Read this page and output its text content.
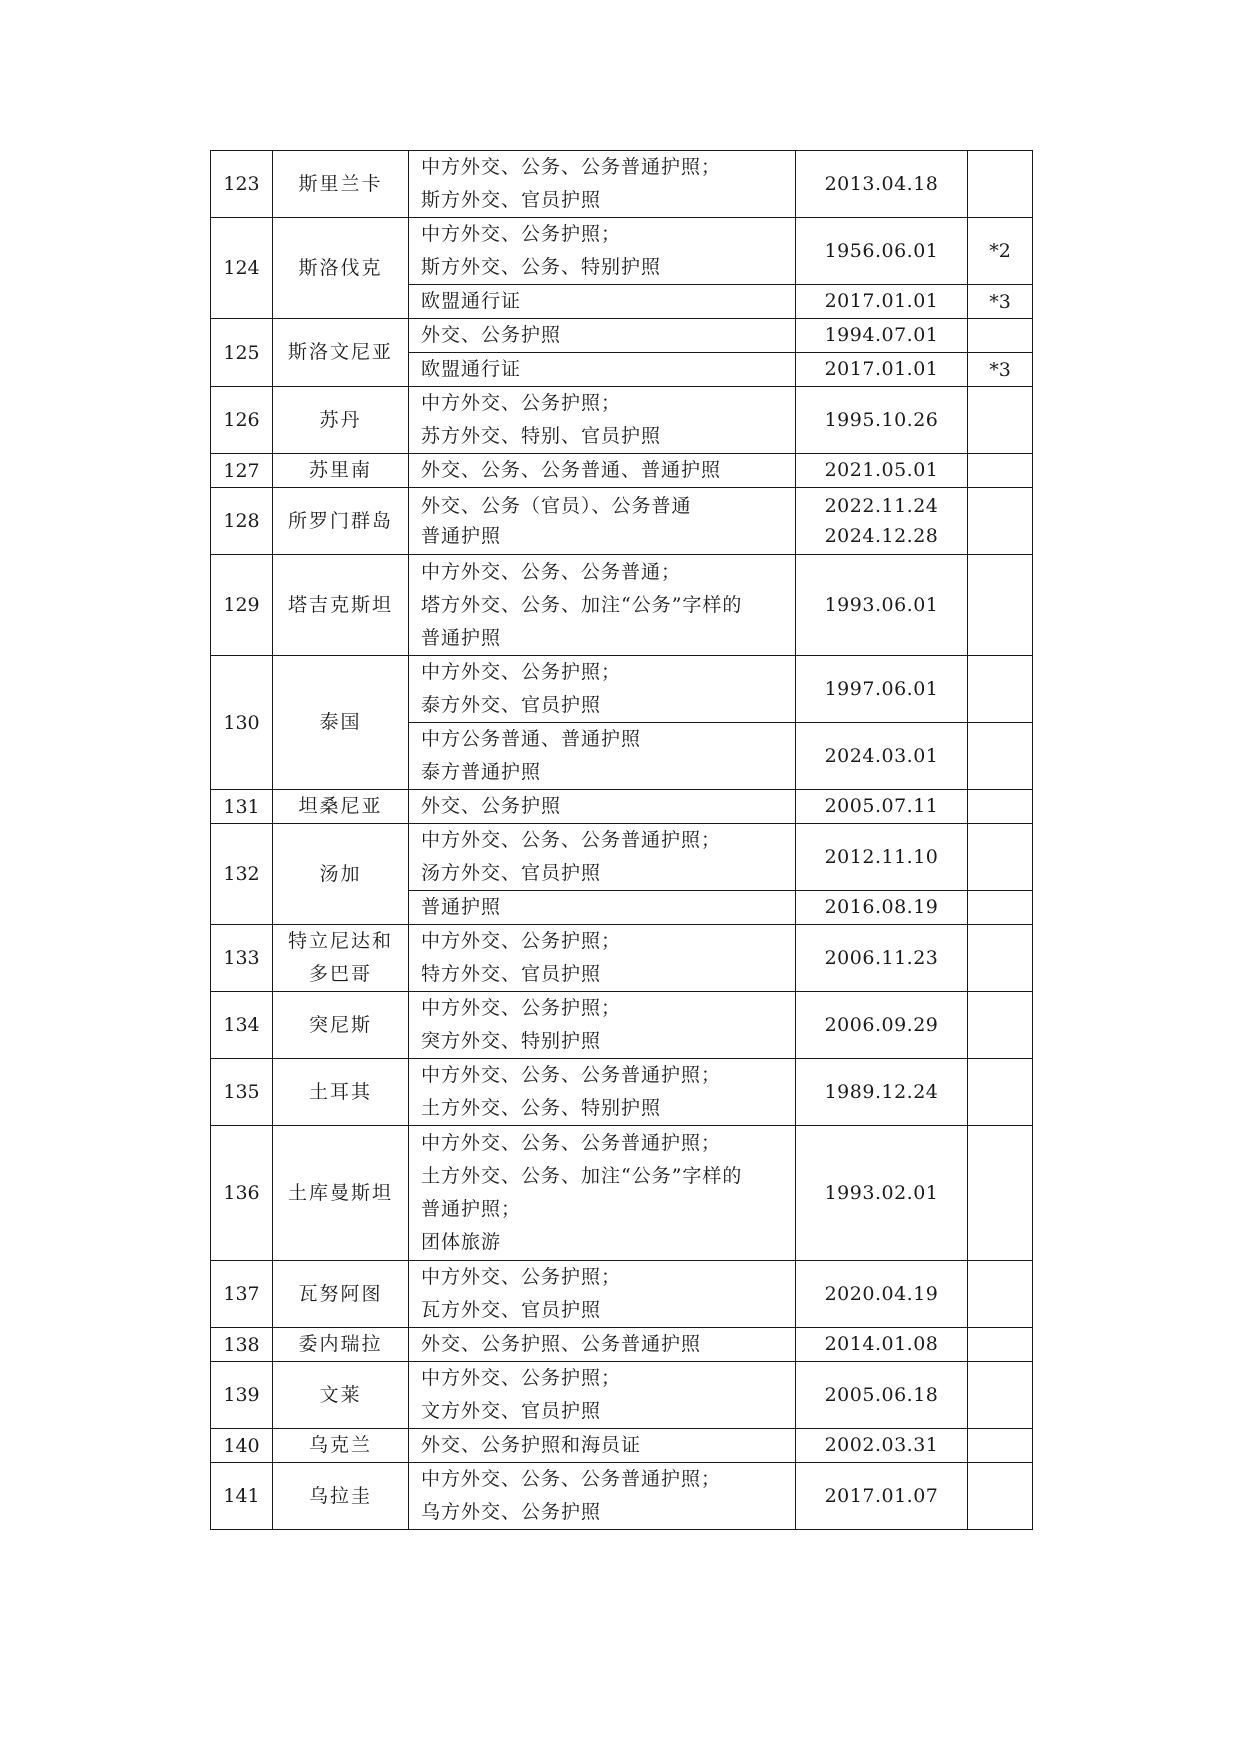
123	斯里兰卡	中方外交、公务、公务普通护照；
斯方外交、官员护照	2013.04.18	

124	斯洛伐克	中方外交、公务护照；
斯方外交、公务、特别护照	1956.06.01	*2

		欧盟通行证	2017.01.01	*3
125	斯洛文尼亚	外交、公务护照	1994.07.01	

		欧盟通行证	2017.01.01	*3
126	苏丹	中方外交、公务护照；
苏方外交、特别、官员护照	1995.10.26	

127	苏里南	外交、公务、公务普通、普通护照	2021.05.01	

128	所罗门群岛	外交、公务（官员）、公务普通
普通护照	2022.11.24
2024.12.28	

129	塔吉克斯坦	中方外交、公务、公务普通；
塔方外交、公务、加注“公务”字样的
普通护照	1993.06.01	

130	泰国	中方外交、公务护照；
泰方外交、官员护照	1997.06.01	

		中方公务普通、普通护照
泰方普通护照	2024.03.01	

131	坦桑尼亚	外交、公务护照	2005.07.11	

132	汤加	中方外交、公务、公务普通护照；
汤方外交、官员护照	2012.11.10	

		普通护照	2016.08.19	

133	特立尼达和
多巴哥	中方外交、公务护照；
特方外交、官员护照	2006.11.23	

134	突尼斯	中方外交、公务护照；
突方外交、特别护照	2006.09.29	

135	土耳其	中方外交、公务、公务普通护照；
土方外交、公务、特别护照	1989.12.24	

136	土库曼斯坦	中方外交、公务、公务普通护照；
土方外交、公务、加注“公务”字样的
普通护照；
团体旅游	1993.02.01	

137	瓦努阿图	中方外交、公务护照；
瓦方外交、官员护照	2020.04.19	

138	委内瑞拉	外交、公务护照、公务普通护照	2014.01.08	

139	文莱	中方外交、公务护照；
文方外交、官员护照	2005.06.18	

140	乌克兰	外交、公务护照和海员证	2002.03.31	

141	乌拉圭	中方外交、公务、公务普通护照；
乌方外交、公务护照	2017.01.07	
